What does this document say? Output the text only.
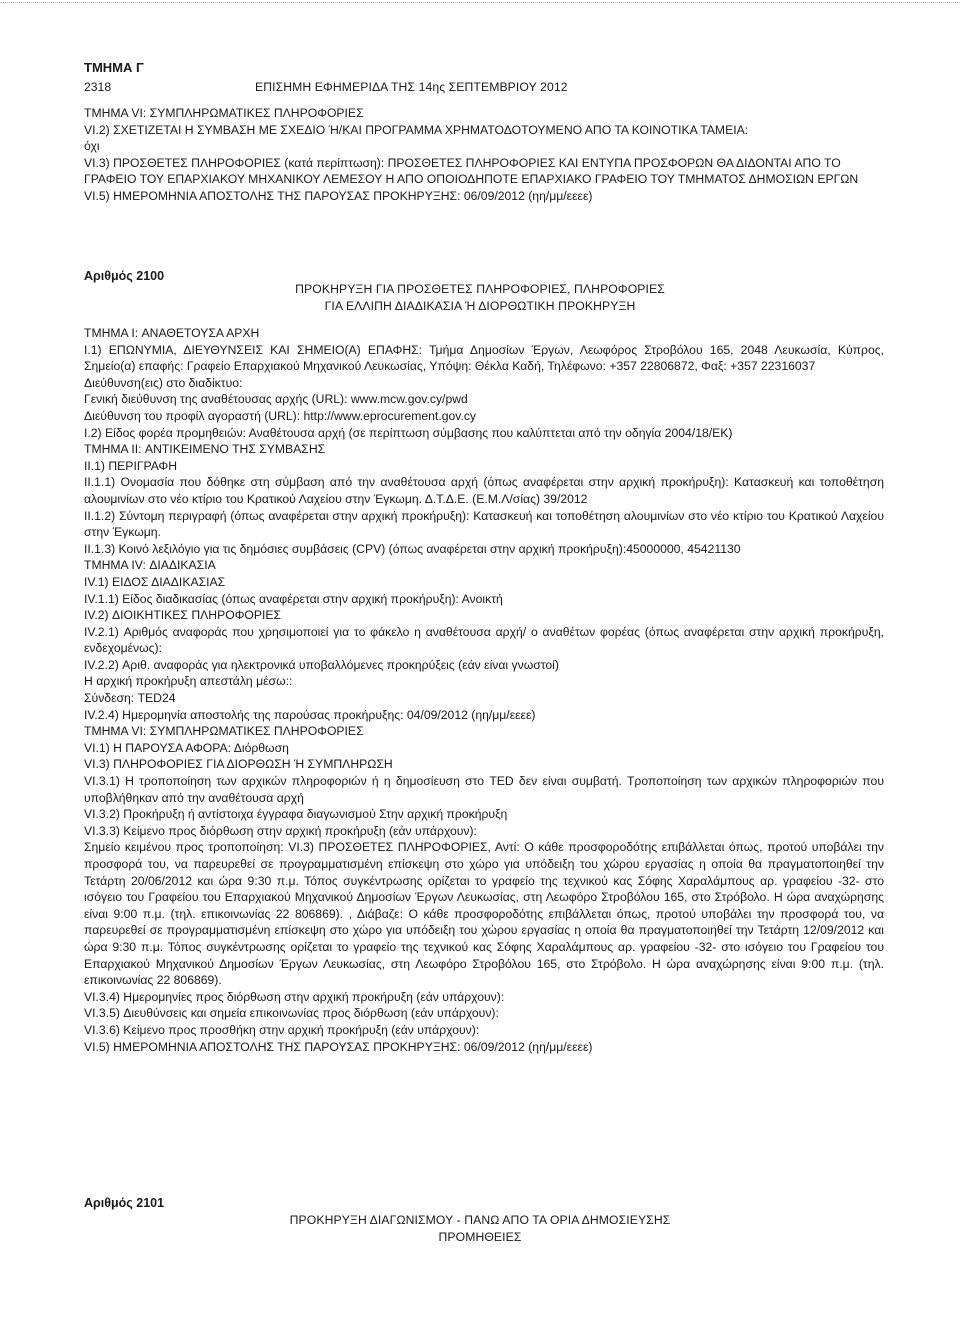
ΤΜΗΜΑ Γ
2318	ΕΠΙΣΗΜΗ ΕΦΗΜΕΡΙΔΑ ΤΗΣ 14ης ΣΕΠΤΕΜΒΡΙΟΥ 2012

ΤΜΗΜΑ VI: ΣΥΜΠΛΗΡΩΜΑΤΙΚΕΣ ΠΛΗΡΟΦΟΡΙΕΣ

VI.2) ΣΧΕΤΙΖΕΤΑΙ Η ΣΥΜΒΑΣΗ ΜΕ ΣΧΕΔΙΟ Ή/ΚΑΙ ΠΡΟΓΡΑΜΜΑ ΧΡΗΜΑΤΟΔΟΤΟΥΜΕΝΟ ΑΠΟ ΤΑ ΚΟΙΝΟΤΙΚΑ ΤΑΜΕΙΑ:

όχι

VI.3) ΠΡΟΣΘΕΤΕΣ ΠΛΗΡΟΦΟΡΙΕΣ (κατά περίπτωση): ΠΡΟΣΘΕΤΕΣ ΠΛΗΡΟΦΟΡΙΕΣ ΚΑΙ ΕΝΤΥΠΑ ΠΡΟΣΦΟΡΩΝ ΘΑ ΔΙΔΟΝΤΑΙ ΑΠΟ ΤΟ ΓΡΑΦΕΙΟ ΤΟΥ ΕΠΑΡΧΙΑΚΟΥ ΜΗΧΑΝΙΚΟΥ ΛΕΜΕΣΟΥ Η ΑΠΟ ΟΠΟΙΟΔΗΠΟΤΕ ΕΠΑΡΧΙΑΚΟ ΓΡΑΦΕΙΟ ΤΟΥ ΤΜΗΜΑΤΟΣ ΔΗΜΟΣΙΩΝ ΕΡΓΩΝ

VI.5) ΗΜΕΡΟΜΗΝΙΑ ΑΠΟΣΤΟΛΗΣ ΤΗΣ ΠΑΡΟΥΣΑΣ ΠΡΟΚΗΡΥΞΗΣ: 06/09/2012 (ηη/μμ/εεεε)

Αριθμός 2100

ΠΡΟΚΗΡΥΞΗ ΓΙΑ ΠΡΟΣΘΕΤΕΣ ΠΛΗΡΟΦΟΡΙΕΣ, ΠΛΗΡΟΦΟΡΙΕΣ

ΓΙΑ ΕΛΛΙΠΗ ΔΙΑΔΙΚΑΣΙΑ Ή ΔΙΟΡΘΩΤΙΚΗ ΠΡΟΚΗΡΥΞΗ

ΤΜΗΜΑ I: ΑΝΑΘΕΤΟΥΣΑ ΑΡΧΗ

I.1) ΕΠΩΝΥΜΙΑ, ΔΙΕΥΘΥΝΣΕΙΣ ΚΑΙ ΣΗΜΕΙΟ(Α) ΕΠΑΦΗΣ: Τμήμα Δημοσίων Έργων, Λεωφόρος Στροβόλου 165, 2048 Λευκωσία, Κύπρος, Σημείο(α) επαφής: Γραφείο Επαρχιακού Μηχανικού Λευκωσίας, Υπόψη: Θέκλα Καδή, Τηλέφωνο: +357 22806872, Φαξ: +357 22316037

Διεύθυνση(εις) στο διαδίκτυο:

Γενική διεύθυνση της αναθέτουσας αρχής (URL): www.mcw.gov.cy/pwd

Διεύθυνση του προφίλ αγοραστή (URL): http://www.eprocurement.gov.cy

I.2) Είδος φορέα προμηθειών: Αναθέτουσα αρχή (σε περίπτωση σύμβασης που καλύπτεται από την οδηγία 2004/18/ΕΚ)

ΤΜΗΜΑ II: ΑΝΤΙΚΕΙΜΕΝΟ ΤΗΣ ΣΥΜΒΑΣΗΣ

II.1) ΠΕΡΙΓΡΑΦΗ

II.1.1) Ονομασία που δόθηκε στη σύμβαση από την αναθέτουσα αρχή (όπως αναφέρεται στην αρχική προκήρυξη): Κατασκευή και τοποθέτηση αλουμινίων στο νέο κτίριο του Κρατικού Λαχείου στην Έγκωμη. Δ.Τ.Δ.Ε. (Ε.Μ.Λ/σίας) 39/2012

II.1.2) Σύντομη περιγραφή (όπως αναφέρεται στην αρχική προκήρυξη): Κατασκευή και τοποθέτηση αλουμινίων στο νέο κτίριο του Κρατικού Λαχείου στην Έγκωμη.

II.1.3) Κοινό λεξιλόγιο για τις δημόσιες συμβάσεις (CPV) (όπως αναφέρεται στην αρχική προκήρυξη):45000000, 45421130

ΤΜΗΜΑ IV: ΔΙΑΔΙΚΑΣΙΑ

IV.1) ΕΙΔΟΣ ΔΙΑΔΙΚΑΣΙΑΣ

IV.1.1) Είδος διαδικασίας (όπως αναφέρεται στην αρχική προκήρυξη): Ανοικτή

IV.2) ΔΙΟΙΚΗΤΙΚΕΣ ΠΛΗΡΟΦΟΡΙΕΣ

IV.2.1) Αριθμός αναφοράς που χρησιμοποιεί για το φάκελο η αναθέτουσα αρχή/ ο αναθέτων φορέας (όπως αναφέρεται στην αρχική προκήρυξη, ενδεχομένως):

IV.2.2) Αριθ. αναφοράς για ηλεκτρονικά υποβαλλόμενες προκηρύξεις (εάν είναι γνωστοί)

Η αρχική προκήρυξη απεστάλη μέσω::

Σύνδεση: TED24

IV.2.4) Ημερομηνία αποστολής της παρούσας προκήρυξης: 04/09/2012 (ηη/μμ/εεεε)

ΤΜΗΜΑ VI: ΣΥΜΠΛΗΡΩΜΑΤΙΚΕΣ ΠΛΗΡΟΦΟΡΙΕΣ

VI.1) Η ΠΑΡΟΥΣΑ ΑΦΟΡΑ: Διόρθωση

VI.3) ΠΛΗΡΟΦΟΡΙΕΣ ΓΙΑ ΔΙΟΡΘΩΣΗ Ή ΣΥΜΠΛΗΡΩΣΗ

VI.3.1) Η τροποποίηση των αρχικών πληροφοριών ή η δημοσίευση στο TED δεν είναι συμβατή. Τροποποίηση των αρχικών πληροφοριών που υποβλήθηκαν από την αναθέτουσα αρχή

VI.3.2) Προκήρυξη ή αντίστοιχα έγγραφα διαγωνισμού Στην αρχική προκήρυξη

VI.3.3) Κείμενο προς διόρθωση στην αρχική προκήρυξη (εάν υπάρχουν):

Σημείο κειμένου προς τροποποίηση: VI.3) ΠΡΟΣΘΕΤΕΣ ΠΛΗΡΟΦΟΡΙΕΣ, Αντί: Ο κάθε προσφοροδότης επιβάλλεται όπως, προτού υποβάλει την προσφορά του, να παρευρεθεί σε προγραμματισμένη επίσκεψη στο χώρο για υπόδειξη του χώρου εργασίας η οποία θα πραγματοποιηθεί την Τετάρτη 20/06/2012 και ώρα 9:30 π.μ. Τόπος συγκέντρωσης ορίζεται το γραφείο της τεχνικού κας Σόφης Χαραλάμπους αρ. γραφείου -32- στο ισόγειο του Γραφείου του Επαρχιακού Μηχανικού Δημοσίων Έργων Λευκωσίας, στη Λεωφόρο Στροβόλου 165, στο Στρόβολο. Η ώρα αναχώρησης είναι 9:00 π.μ. (τηλ. επικοινωνίας 22 806869). , Διάβαζε: Ο κάθε προσφοροδότης επιβάλλεται όπως, προτού υποβάλει την προσφορά του, να παρευρεθεί σε προγραμματισμένη επίσκεψη στο χώρο για υπόδειξη του χώρου εργασίας η οποία θα πραγματοποιηθεί την Τετάρτη 12/09/2012 και ώρα 9:30 π.μ. Τόπος συγκέντρωσης ορίζεται το γραφείο της τεχνικού κας Σόφης Χαραλάμπους αρ. γραφείου -32- στο ισόγειο του Γραφείου του Επαρχιακού Μηχανικού Δημοσίων Έργων Λευκωσίας, στη Λεωφόρο Στροβόλου 165, στο Στρόβολο. Η ώρα αναχώρησης είναι 9:00 π.μ. (τηλ. επικοινωνίας 22 806869).

VI.3.4) Ημερομηνίες προς διόρθωση στην αρχική προκήρυξη (εάν υπάρχουν):

VI.3.5) Διευθύνσεις και σημεία επικοινωνίας προς διόρθωση (εάν υπάρχουν):

VI.3.6) Κείμενο προς προσθήκη στην αρχική προκήρυξη (εάν υπάρχουν):

VI.5) ΗΜΕΡΟΜΗΝΙΑ ΑΠΟΣΤΟΛΗΣ ΤΗΣ ΠΑΡΟΥΣΑΣ ΠΡΟΚΗΡΥΞΗΣ: 06/09/2012 (ηη/μμ/εεεε)

Αριθμός 2101

ΠΡΟΚΗΡΥΞΗ ΔΙΑΓΩΝΙΣΜΟΥ - ΠΑΝΩ ΑΠΟ ΤΑ ΟΡΙΑ ΔΗΜΟΣΙΕΥΣΗΣ

ΠΡΟΜΗΘΕΙΕΣ
